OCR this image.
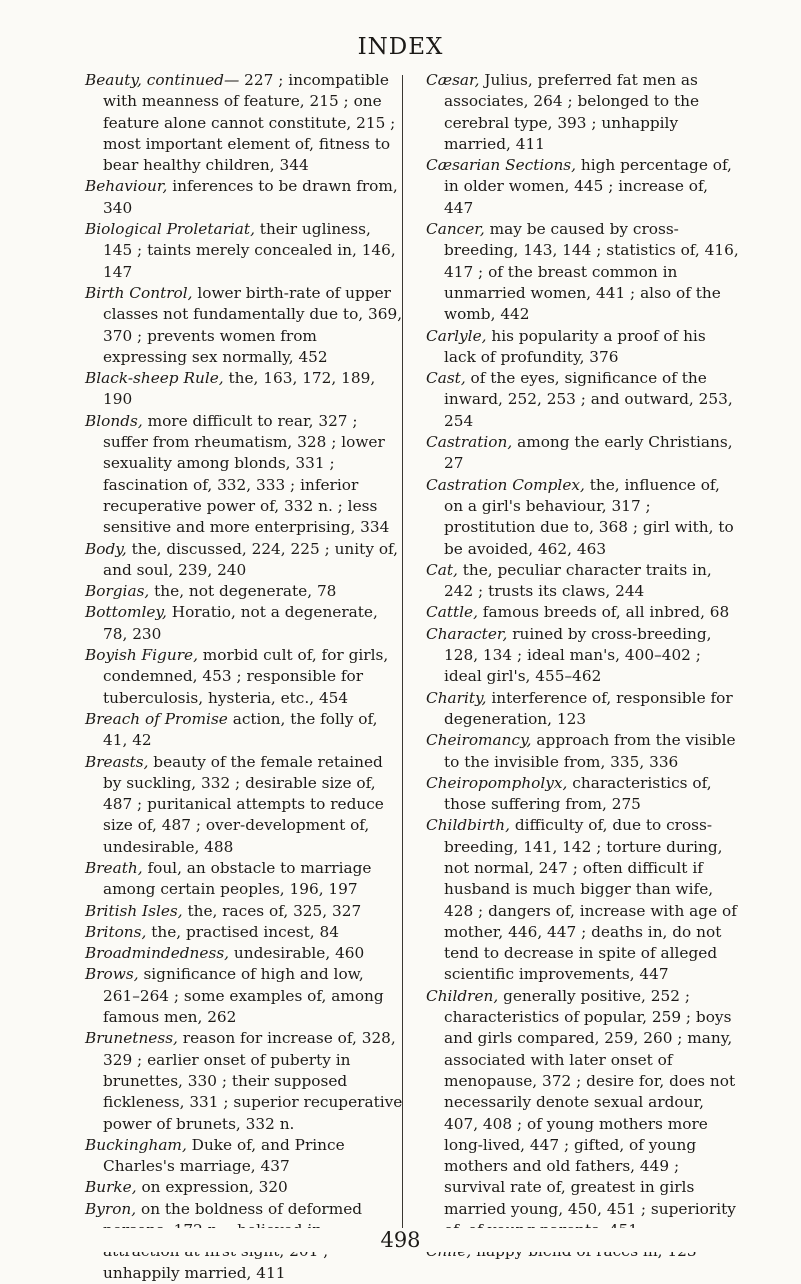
INDEX

Beauty, continued— 227 ; incompatible with meanness of feature, 215 ; one feature alone cannot constitute, 215 ; most important element of, fitness to bear healthy children, 344

Behaviour, inferences to be drawn from, 340

Biological Proletariat, their ugliness, 145 ; taints merely concealed in, 146, 147

Birth Control, lower birth-rate of upper classes not fundamentally due to, 369, 370 ; prevents women from expressing sex normally, 452

Black-sheep Rule, the, 163, 172, 189, 190

Blonds, more difficult to rear, 327 ; suffer from rheumatism, 328 ; lower sexuality among blonds, 331 ; fascination of, 332, 333 ; inferior recuperative power of, 332 n. ; less sensitive and more enterprising, 334

Body, the, discussed, 224, 225 ; unity of, and soul, 239, 240

Borgias, the, not degenerate, 78

Bottomley, Horatio, not a degenerate, 78, 230

Boyish Figure, morbid cult of, for girls, condemned, 453 ; responsible for tuberculosis, hysteria, etc., 454

Breach of Promise action, the folly of, 41, 42

Breasts, beauty of the female retained by suckling, 332 ; desirable size of, 487 ; puritanical attempts to reduce size of, 487 ; over-development of, undesirable, 488

Breath, foul, an obstacle to marriage among certain peoples, 196, 197

British Isles, the, races of, 325, 327

Britons, the, practised incest, 84

Broadmindedness, undesirable, 460

Brows, significance of high and low, 261–264 ; some examples of, among famous men, 262

Brunetness, reason for increase of, 328, 329 ; earlier onset of puberty in brunettes, 330 ; their supposed fickleness, 331 ; superior recuperative power of brunets, 332 n.

Buckingham, Duke of, and Prince Charles's marriage, 437

Burke, on expression, 320

Byron, on the boldness of deformed unhappily married, 411

Cæsar, Julius, preferred fat men as associates, 264 ; belonged to the cerebral type, 393 ; unhappily married, 411

Cæsarian Sections, high percentage of, in older women, 445 ; increase of, 447

Cancer, may be caused by cross-breeding, 143, 144 ; statistics of, 416, 417 ; of the breast common in unmarried women, 441 ; also of the womb, 442

Carlyle, his popularity a proof of his lack of profundity, 376

Cast, of the eyes, significance of the inward, 252, 253 ; and outward, 253, 254

Castration, among the early Christians, 27

Castration Complex, the, influence of, on a girl's behaviour, 317 ; prostitution due to, 368 ; girl with, to be avoided, 462, 463

Cat, the, peculiar character traits in, 242 ; trusts its claws, 244

Cattle, famous breeds of, all inbred, 68

Character, ruined by cross-breeding, 128, 134 ; ideal man's, 400–402 ; ideal girl's, 455–462

Charity, interference of, responsible for degeneration, 123

Cheiromancy, approach from the visible to the invisible from, 335, 336

Cheiropompholyx, characteristics of, those suffering from, 275

Childbirth, difficulty of, due to cross-breeding, 141, 142 ; torture during, not normal, 247 ; often difficult if husband is much bigger than wife, 428 ; dangers of, increase with age of mother, 446, 447 ; deaths in, do not tend to decrease in spite of alleged scientific improvements, 447

Children, generally positive, 252 ; characteristics of popular, 259 ; boys and girls compared, 259, 260 ; many, associated with later onset of menopause, 372 ; desire for, does not necessarily denote sexual ardour, 407, 408 ; of young mothers more long-lived, 447 ; gifted, of young mothers and old fathers, 449 ; survival rate of, greatest in girls married young, 450, 451 ; superiority

498
